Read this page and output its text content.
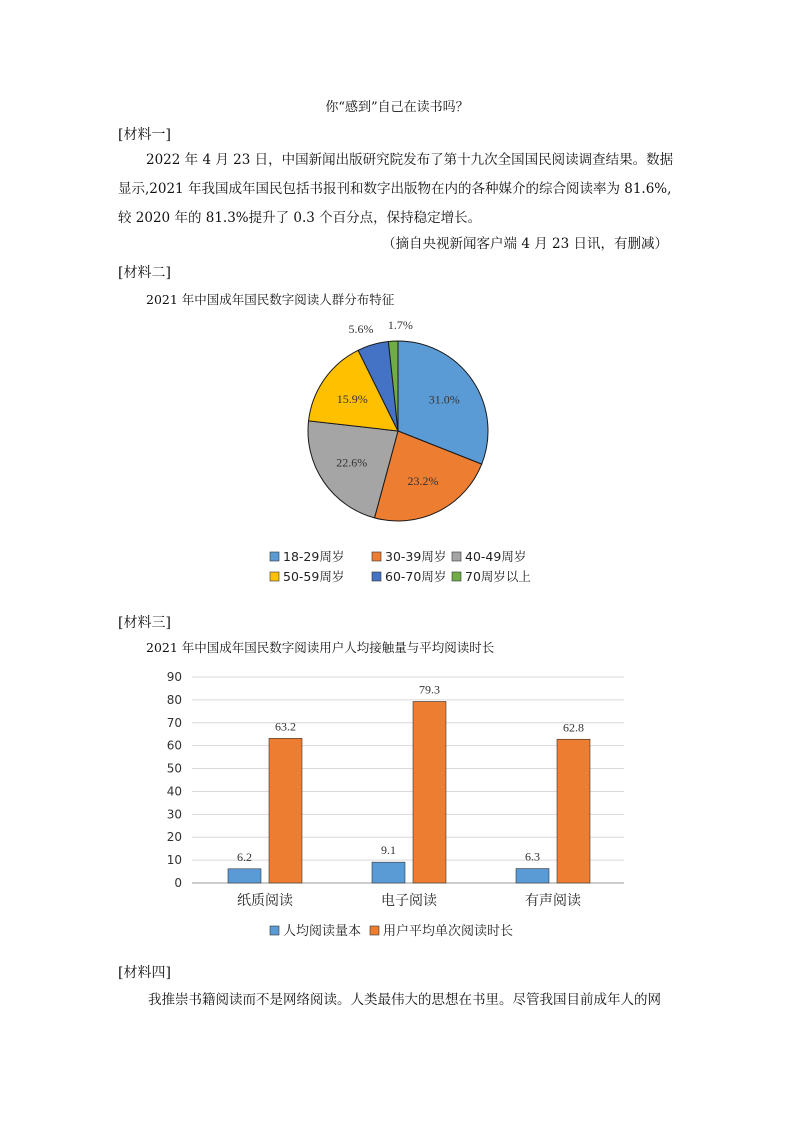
你“感到”自己在读书吗？
[材料一]

2022 年 4 月 23 日，中国新闻出版研究院发布了第十九次全国国民阅读调查结果。数据显示,2021 年我国成年国民包括书报刊和数字出版物在内的各种媒介的综合阅读率为 81.6%,较 2020 年的 81.3%提升了 0.3 个百分点，保持稳定增长。

（摘自央视新闻客户端 4 月 23 日讯，有删减）
[材料二]
2021 年中国成年国民数字阅读人群分布特征
31.0%
23.2%
22.6%
15.9%
5.6% 1.7%
18-29周岁	30-39周岁 40-49周岁
50-59周岁	60-70周岁 70周岁以上
[材料三]
2021 年中国成年国民数字阅读用户人均接触量与平均阅读时长
0
10
20
30
40
50
60
70
80
90
6.2
63.2
纸质阅读
9.1
79.3
电子阅读
6.3
62.8
有声阅读
人均阅读量本 用户平均单次阅读时长
[材料四]

我推崇书籍阅读而不是网络阅读。人类最伟大的思想在书里。尽管我国目前成年人的网
